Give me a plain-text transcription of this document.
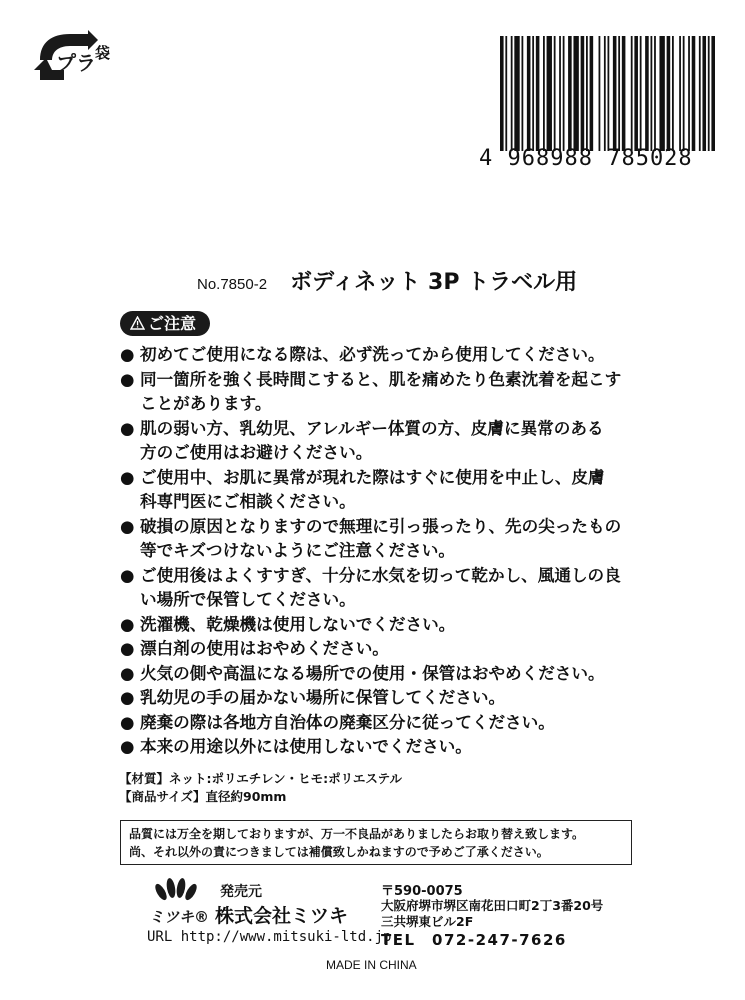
プラ 袋
4 968988 785028
No.7850-2 ボディネット 3P トラベル用
ご注意
● 初めてご使用になる際は、必ず洗ってから使用してください。
● 同一箇所を強く長時間こすると、肌を痛めたり色素沈着を起こす
ことがあります。
● 肌の弱い方、乳幼児、アレルギー体質の方、皮膚に異常のある
方のご使用はお避けください。
● ご使用中、お肌に異常が現れた際はすぐに使用を中止し、皮膚
科専門医にご相談ください。
● 破損の原因となりますので無理に引っ張ったり、先の尖ったもの
等でキズつけないようにご注意ください。
● ご使用後はよくすすぎ、十分に水気を切って乾かし、風通しの良
い場所で保管してください。
● 洗濯機、乾燥機は使用しないでください。
● 漂白剤の使用はおやめください。
● 火気の側や高温になる場所での使用・保管はおやめください。
● 乳幼児の手の届かない場所に保管してください。
● 廃棄の際は各地方自治体の廃棄区分に従ってください。
● 本来の用途以外には使用しないでください。
【材質】ネット:ポリエチレン・ヒモ:ポリエステル
【商品サイズ】直径約90mm
品質には万全を期しておりますが、万一不良品がありましたらお取り替え致します。
尚、それ以外の責につきましては補償致しかねますので予めご了承ください。
ミツキ®
発売元
株式会社ミツキ
URL http://www.mitsuki-ltd.jp
〒590-0075
大阪府堺市堺区南花田口町2丁3番20号
三共堺東ビル2F
TEL　072-247-7626
MADE IN CHINA
